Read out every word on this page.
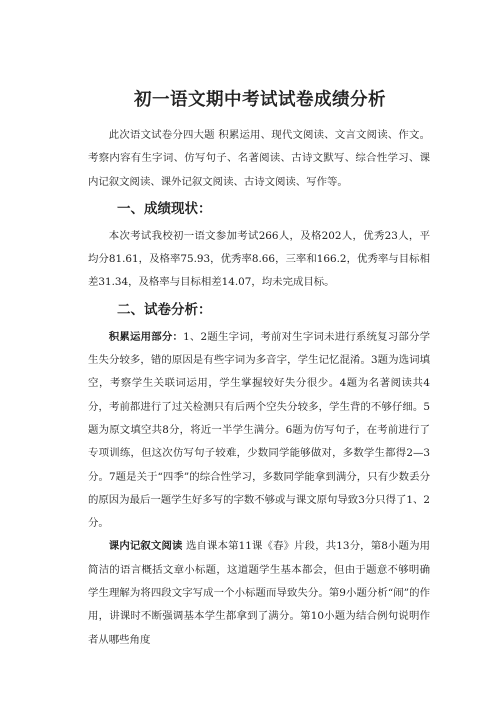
初一语文期中考试试卷成绩分析

此次语文试卷分四大题 积累运用、现代文阅读、文言文阅读、作文。考察内容有生字词、仿写句子、名著阅读、古诗文默写、综合性学习、课内记叙文阅读、课外记叙文阅读、古诗文阅读、写作等。

一、成绩现状：

本次考试我校初一语文参加考试266人，及格202人，优秀23人，平均分81.61，及格率75.93，优秀率8.66，三率和166.2，优秀率与目标相差31.34，及格率与目标相差14.07，均未完成目标。

二、试卷分析：

积累运用部分：1、2题生字词，考前对生字词未进行系统复习部分学生失分较多，错的原因是有些字词为多音字，学生记忆混淆。3题为选词填空，考察学生关联词运用，学生掌握较好失分很少。4题为名著阅读共4分，考前都进行了过关检测只有后两个空失分较多，学生背的不够仔细。5题为原文填空共8分，将近一半学生满分。6题为仿写句子，在考前进行了专项训练，但这次仿写句子较难，少数同学能够做对，多数学生都得2—3分。7题是关于“四季”的综合性学习，多数同学能拿到满分，只有少数丢分的原因为最后一题学生好多写的字数不够或与课文原句导致3分只得了1、2分。

课内记叙文阅读 选自课本第11课《春》片段，共13分，第8小题为用简洁的语言概括文章小标题，这道题学生基本都会，但由于题意不够明确学生理解为将四段文字写成一个小标题而导致失分。第9小题分析“闹”的作用，讲课时不断强调基本学生都拿到了满分。第10小题为结合例句说明作者从哪些角度
